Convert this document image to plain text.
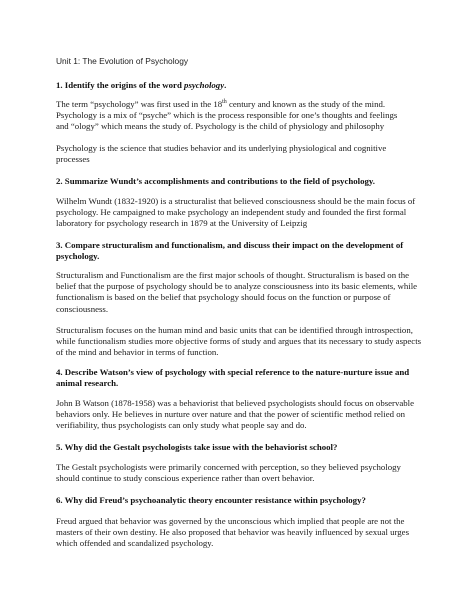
Unit 1: The Evolution of Psychology
1. Identify the origins of the word psychology.
The term “psychology” was first used in the 18th century and known as the study of the mind.
Psychology is a mix of “psyche” which is the process responsible for one’s thoughts and feelings
and “ology” which means the study of. Psychology is the child of physiology and philosophy
Psychology is the science that studies behavior and its underlying physiological and cognitive processes
2. Summarize Wundt’s accomplishments and contributions to the field of psychology.
Wilhelm Wundt (1832-1920) is a structuralist that believed consciousness should be the main focus of psychology. He campaigned to make psychology an independent study and founded the first formal laboratory for psychology research in 1879 at the University of Leipzig
3. Compare structuralism and functionalism, and discuss their impact on the development of psychology.
Structuralism and Functionalism are the first major schools of thought. Structuralism is based on the belief that the purpose of psychology should be to analyze consciousness into its basic elements, while functionalism is based on the belief that psychology should focus on the function or purpose of consciousness.
Structuralism focuses on the human mind and basic units that can be identified through introspection, while functionalism studies more objective forms of study and argues that its necessary to study aspects of the mind and behavior in terms of function.
4. Describe Watson’s view of psychology with special reference to the nature-nurture issue and animal research.
John B Watson (1878-1958) was a behaviorist that believed psychologists should focus on observable behaviors only. He believes in nurture over nature and that the power of scientific method relied on verifiability, thus psychologists can only study what people say and do.
5. Why did the Gestalt psychologists take issue with the behaviorist school?
The Gestalt psychologists were primarily concerned with perception, so they believed psychology should continue to study conscious experience rather than overt behavior.
6. Why did Freud’s psychoanalytic theory encounter resistance within psychology?
Freud argued that behavior was governed by the unconscious which implied that people are not the masters of their own destiny. He also proposed that behavior was heavily influenced by sexual urges which offended and scandalized psychology.
